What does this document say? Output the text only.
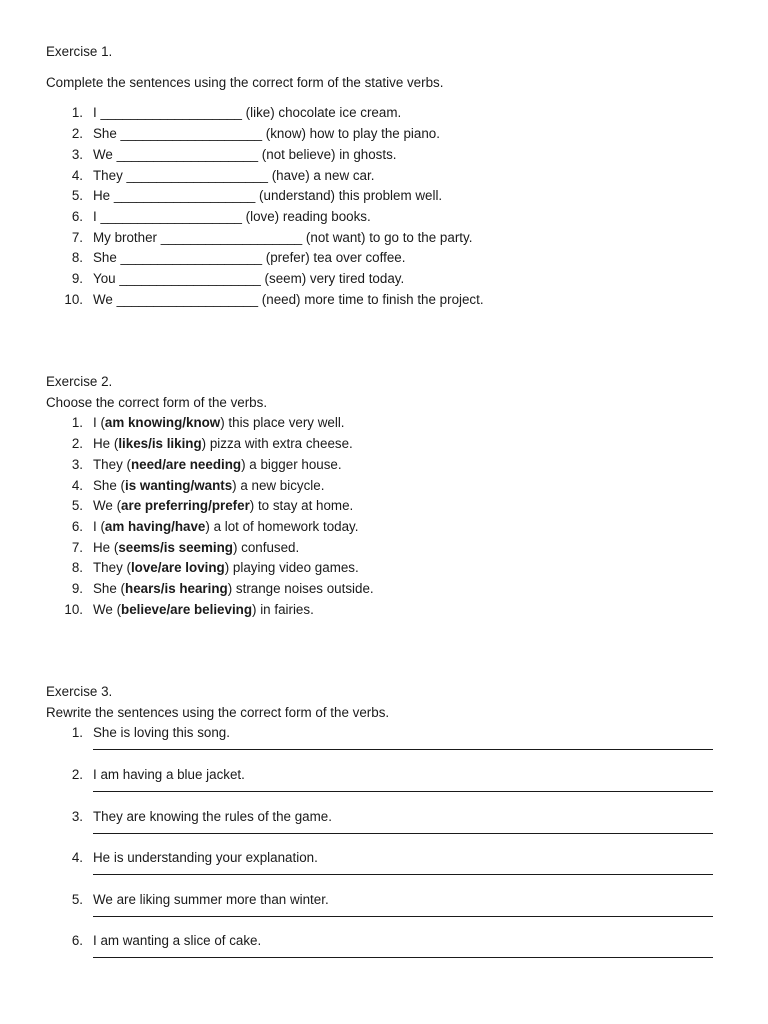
Exercise 1.
Complete the sentences using the correct form of the stative verbs.
1. I ___________________ (like) chocolate ice cream.
2. She ___________________ (know) how to play the piano.
3. We ___________________ (not believe) in ghosts.
4. They ___________________ (have) a new car.
5. He ___________________ (understand) this problem well.
6. I ___________________ (love) reading books.
7. My brother ___________________ (not want) to go to the party.
8. She ___________________ (prefer) tea over coffee.
9. You ___________________ (seem) very tired today.
10. We ___________________ (need) more time to finish the project.
Exercise 2.
Choose the correct form of the verbs.
1. I (am knowing/know) this place very well.
2. He (likes/is liking) pizza with extra cheese.
3. They (need/are needing) a bigger house.
4. She (is wanting/wants) a new bicycle.
5. We (are preferring/prefer) to stay at home.
6. I (am having/have) a lot of homework today.
7. He (seems/is seeming) confused.
8. They (love/are loving) playing video games.
9. She (hears/is hearing) strange noises outside.
10. We (believe/are believing) in fairies.
Exercise 3.
Rewrite the sentences using the correct form of the verbs.
1. She is loving this song.
2. I am having a blue jacket.
3. They are knowing the rules of the game.
4. He is understanding your explanation.
5. We are liking summer more than winter.
6. I am wanting a slice of cake.
